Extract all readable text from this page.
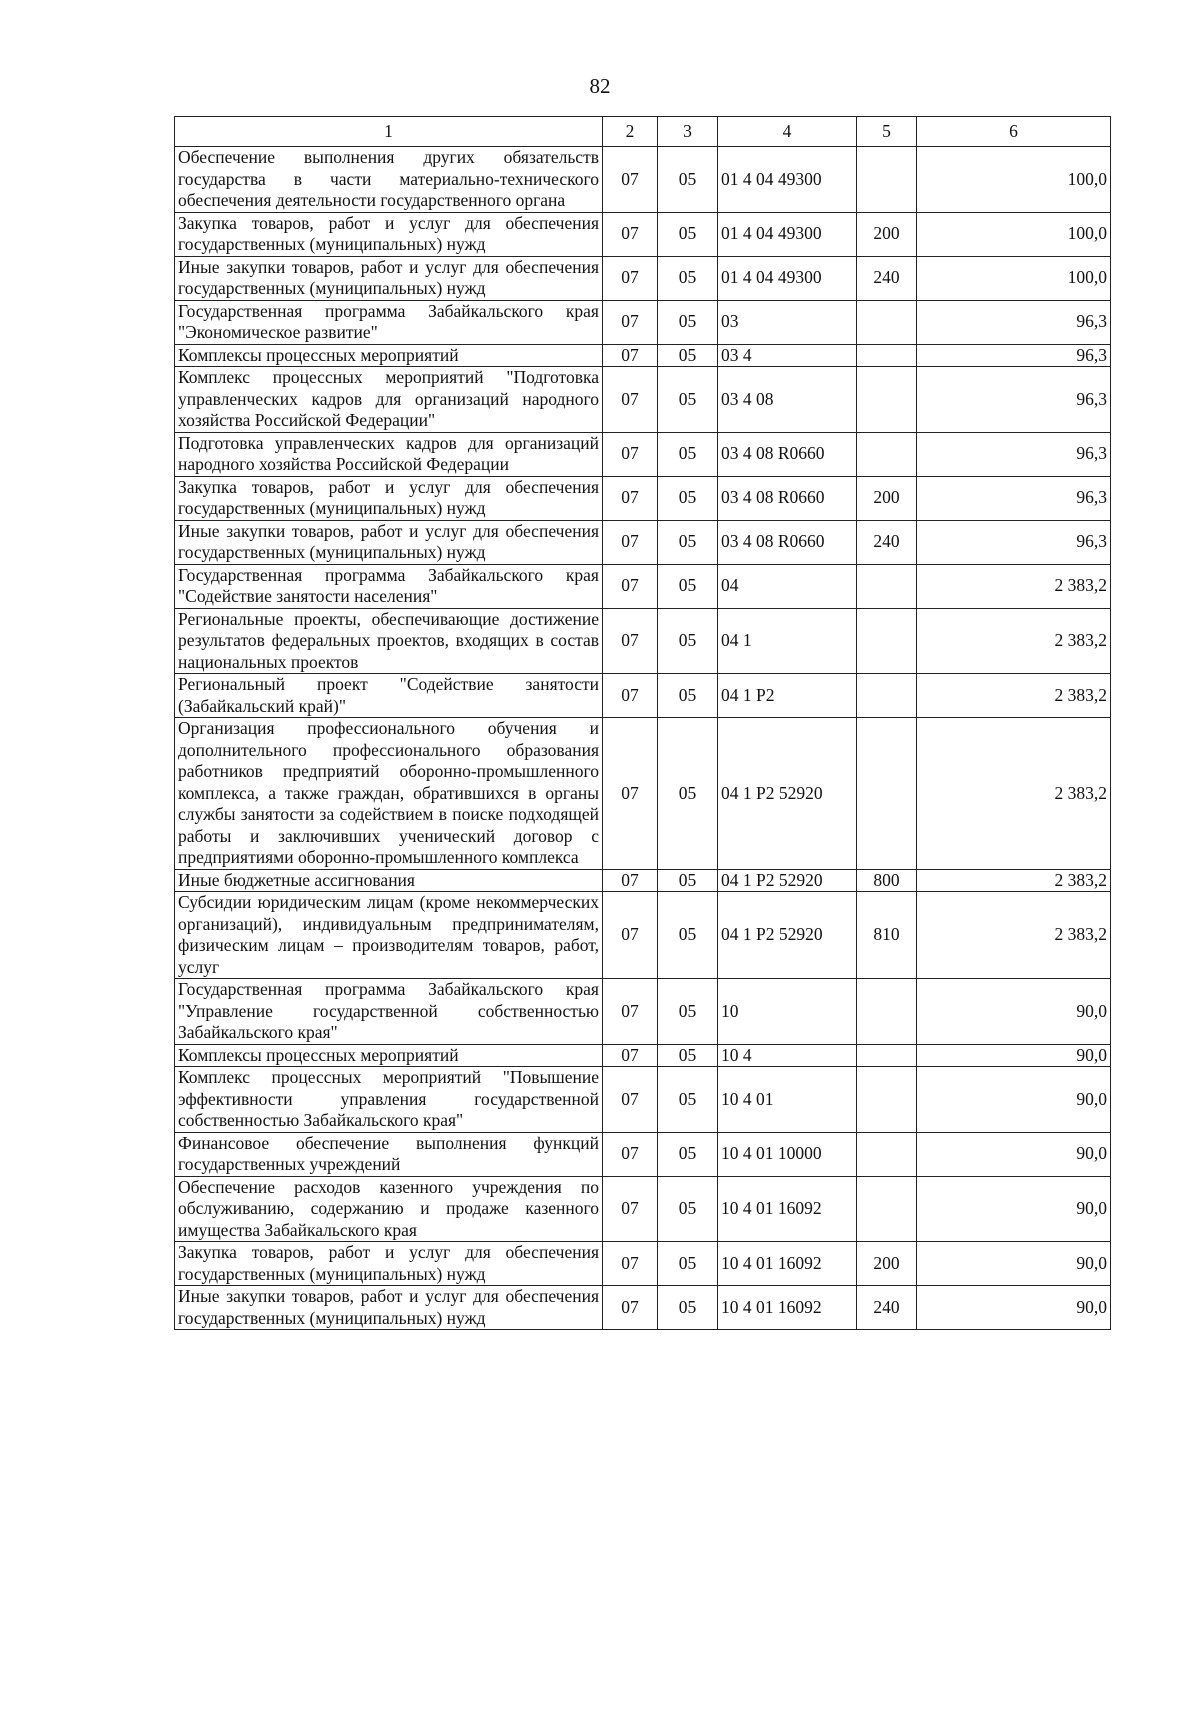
82
1	2	3	4	5	6
Обеспечение выполнения других обязательств государства в части материально-технического обеспечения деятельности государственного органа	07	05	01 4 04 49300		100,0
Закупка товаров, работ и услуг для обеспечения государственных (муниципальных) нужд	07	05	01 4 04 49300	200	100,0
Иные закупки товаров, работ и услуг для обеспечения государственных (муниципальных) нужд	07	05	01 4 04 49300	240	100,0
Государственная программа Забайкальского края "Экономическое развитие"	07	05	03		96,3
Комплексы процессных мероприятий	07	05	03 4		96,3
Комплекс процессных мероприятий "Подготовка управленческих кадров для организаций народного хозяйства Российской Федерации"	07	05	03 4 08		96,3
Подготовка управленческих кадров для организаций народного хозяйства Российской Федерации	07	05	03 4 08 R0660		96,3
Закупка товаров, работ и услуг для обеспечения государственных (муниципальных) нужд	07	05	03 4 08 R0660	200	96,3
Иные закупки товаров, работ и услуг для обеспечения государственных (муниципальных) нужд	07	05	03 4 08 R0660	240	96,3
Государственная программа Забайкальского края "Содействие занятости населения"	07	05	04		2 383,2
Региональные проекты, обеспечивающие достижение результатов федеральных проектов, входящих в состав национальных проектов	07	05	04 1		2 383,2
Региональный проект "Содействие занятости (Забайкальский край)"	07	05	04 1 Р2		2 383,2
Организация профессионального обучения и дополнительного профессионального образования работников предприятий оборонно-промышленного комплекса, а также граждан, обратившихся в органы службы занятости за содействием в поиске подходящей работы и заключивших ученический договор с предприятиями оборонно-промышленного комплекса	07	05	04 1 Р2 52920		2 383,2
Иные бюджетные ассигнования	07	05	04 1 Р2 52920	800	2 383,2
Субсидии юридическим лицам (кроме некоммерческих организаций), индивидуальным предпринимателям, физическим лицам – производителям товаров, работ, услуг	07	05	04 1 Р2 52920	810	2 383,2
Государственная программа Забайкальского края "Управление государственной собственностью Забайкальского края"	07	05	10		90,0
Комплексы процессных мероприятий	07	05	10 4		90,0
Комплекс процессных мероприятий "Повышение эффективности управления государственной собственностью Забайкальского края"	07	05	10 4 01		90,0
Финансовое обеспечение выполнения функций государственных учреждений	07	05	10 4 01 10000		90,0
Обеспечение расходов казенного учреждения по обслуживанию, содержанию и продаже казенного имущества Забайкальского края	07	05	10 4 01 16092		90,0
Закупка товаров, работ и услуг для обеспечения государственных (муниципальных) нужд	07	05	10 4 01 16092	200	90,0
Иные закупки товаров, работ и услуг для обеспечения государственных (муниципальных) нужд	07	05	10 4 01 16092	240	90,0
